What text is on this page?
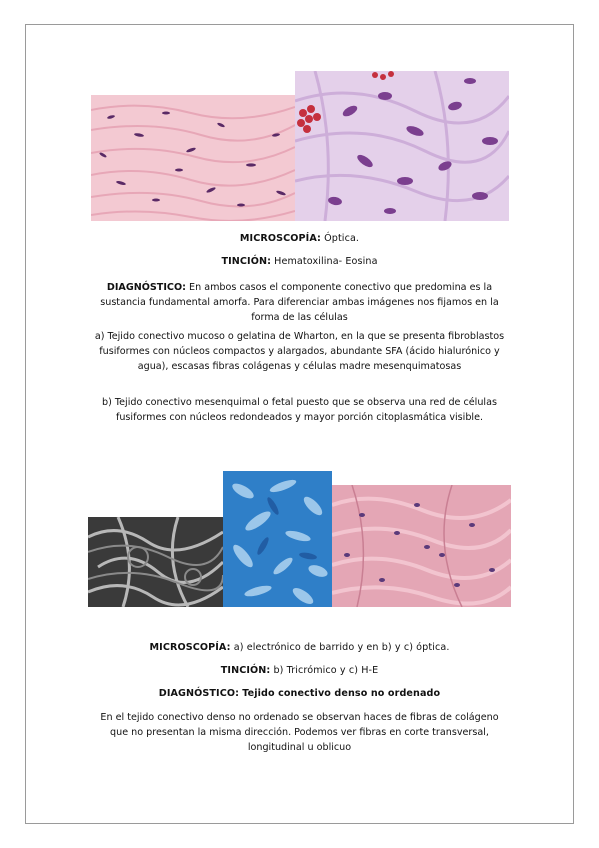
MICROSCOPÍA: Óptica.
TINCIÓN: Hematoxilina- Eosina
DIAGNÓSTICO: En ambos casos el componente conectivo que predomina es la sustancia fundamental amorfa. Para diferenciar ambas imágenes nos fijamos en la forma de las células
a) Tejido conectivo mucoso o gelatina de Wharton, en la que se presenta fibroblastos fusiformes con núcleos compactos y alargados, abundante SFA (ácido hialurónico y agua), escasas fibras colágenas y células madre mesenquimatosas
b) Tejido conectivo mesenquimal o fetal puesto que se observa una red de células fusiformes con núcleos redondeados y mayor porción citoplasmática visible.
MICROSCOPÍA: a) electrónico de barrido y en b) y c) óptica.
TINCIÓN: b) Tricrómico y c) H-E
DIAGNÓSTICO: Tejido conectivo denso no ordenado
En el tejido conectivo denso no ordenado se observan haces de fibras de colágeno que no presentan la misma dirección. Podemos ver fibras en corte transversal, longitudinal u oblicuo
